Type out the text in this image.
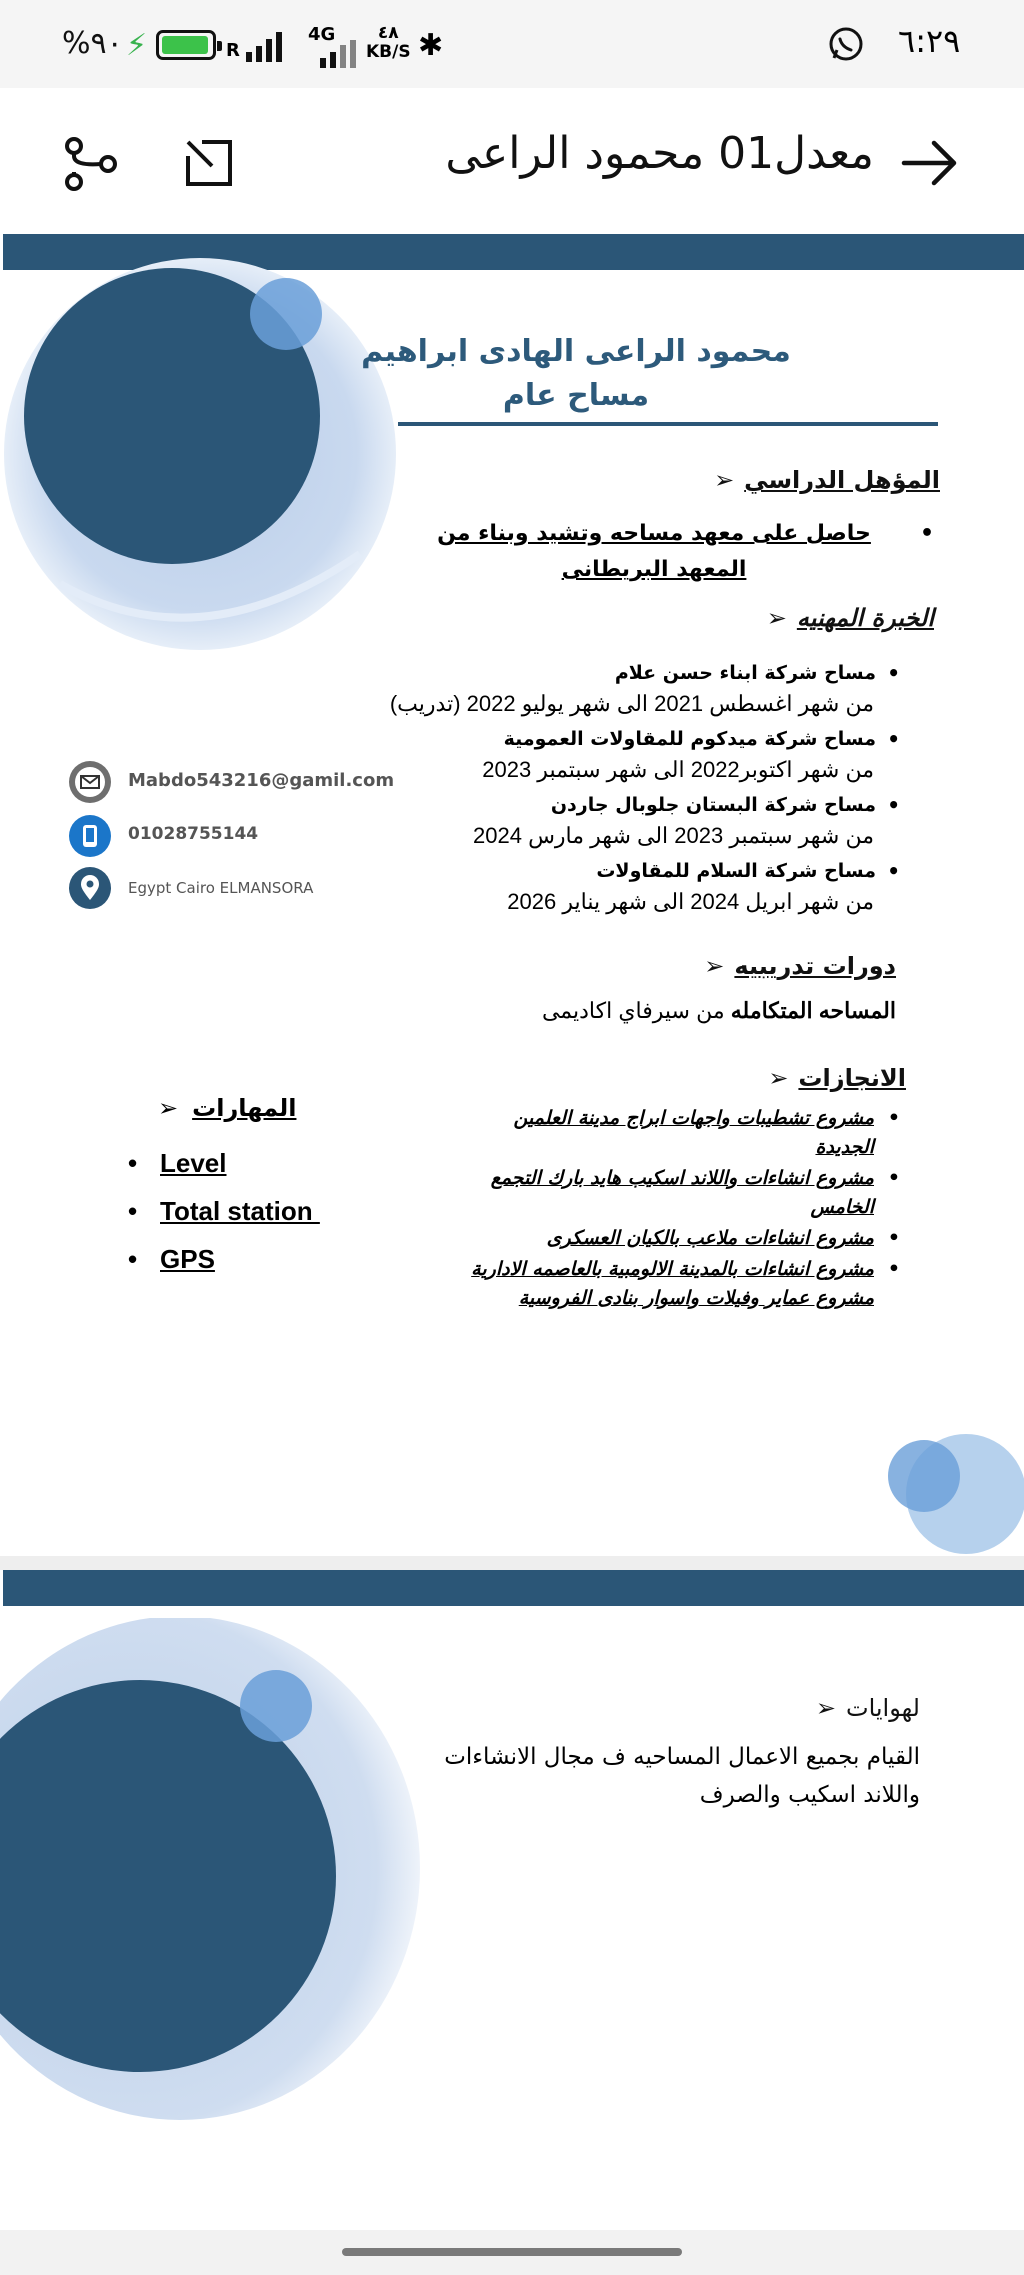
%٩٠ ⚡	R
4G	٤٨
KB/S ✱	٦:٢٩
معدل01 محمود الراعى
محمود الراعى الهادى ابراهيم
مساح عام
المؤهل الدراسي➢
حاصل على معهد مساحه وتشيد وبناء من •
المعهد البريطانى
الخبرة المهنيه➢
• مساح شركة ابناء حسن علام
من شهر اغسطس 2021 الى شهر يوليو 2022 (تدريب)
• مساح شركة ميدكوم للمقاولات العمومية
من شهر اكتوبر2022 الى شهر سبتمبر 2023
• مساح شركة البستان جلوبال جاردن
من شهر سبتمبر 2023 الى شهر مارس 2024
• مساح شركة السلام للمقاولات
من شهر ابريل 2024 الى شهر يناير 2026
Mabdo543216@gamil.com
01028755144
Egypt Cairo ELMANSORA
دورات تدريبيه➢
المساحه المتكامله من سيرفاي اكاديمى
الانجازات➢
• مشروع تشطيبات واجهات ابراج مدينة العلمين الجديدة
• مشروع انشاءات واللاند اسكيب هايد بارك التجمع الخامس
• مشروع انشاءات ملاعب بالكيان العسكرى
• مشروع انشاءات بالمدينة الالومبية بالعاصمه الادارية مشروع عماير وفيلات واسوار بنادى الفروسية
➢ المهارات
• Level
• Total station
• GPS
لهوايات➢
القيام بجميع الاعمال المساحيه ف مجال الانشاءات
واللاند اسكيب والصرف
